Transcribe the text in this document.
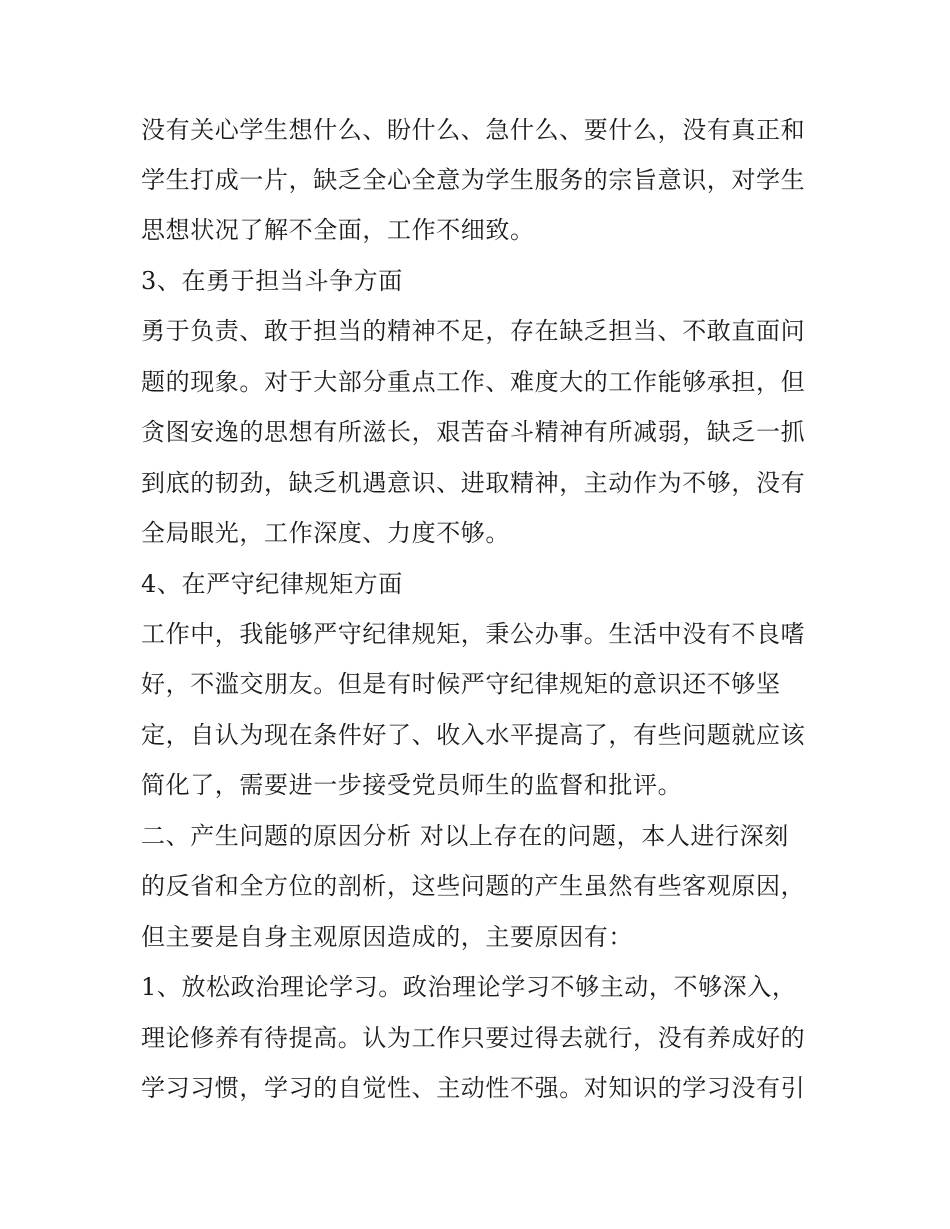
没有关心学生想什么、盼什么、急什么、要什么，没有真正和
学生打成一片，缺乏全心全意为学生服务的宗旨意识，对学生
思想状况了解不全面，工作不细致。
3、在勇于担当斗争方面
勇于负责、敢于担当的精神不足，存在缺乏担当、不敢直面问
题的现象。对于大部分重点工作、难度大的工作能够承担，但
贪图安逸的思想有所滋长，艰苦奋斗精神有所减弱，缺乏一抓
到底的韧劲，缺乏机遇意识、进取精神，主动作为不够，没有
全局眼光，工作深度、力度不够。
4、在严守纪律规矩方面
工作中，我能够严守纪律规矩，秉公办事。生活中没有不良嗜
好，不滥交朋友。但是有时候严守纪律规矩的意识还不够坚
定，自认为现在条件好了、收入水平提高了，有些问题就应该
简化了，需要进一步接受党员师生的监督和批评。
二、产生问题的原因分析 对以上存在的问题，本人进行深刻
的反省和全方位的剖析，这些问题的产生虽然有些客观原因，
但主要是自身主观原因造成的，主要原因有：
1、放松政治理论学习。政治理论学习不够主动，不够深入，
理论修养有待提高。认为工作只要过得去就行，没有养成好的
学习习惯，学习的自觉性、主动性不强。对知识的学习没有引
